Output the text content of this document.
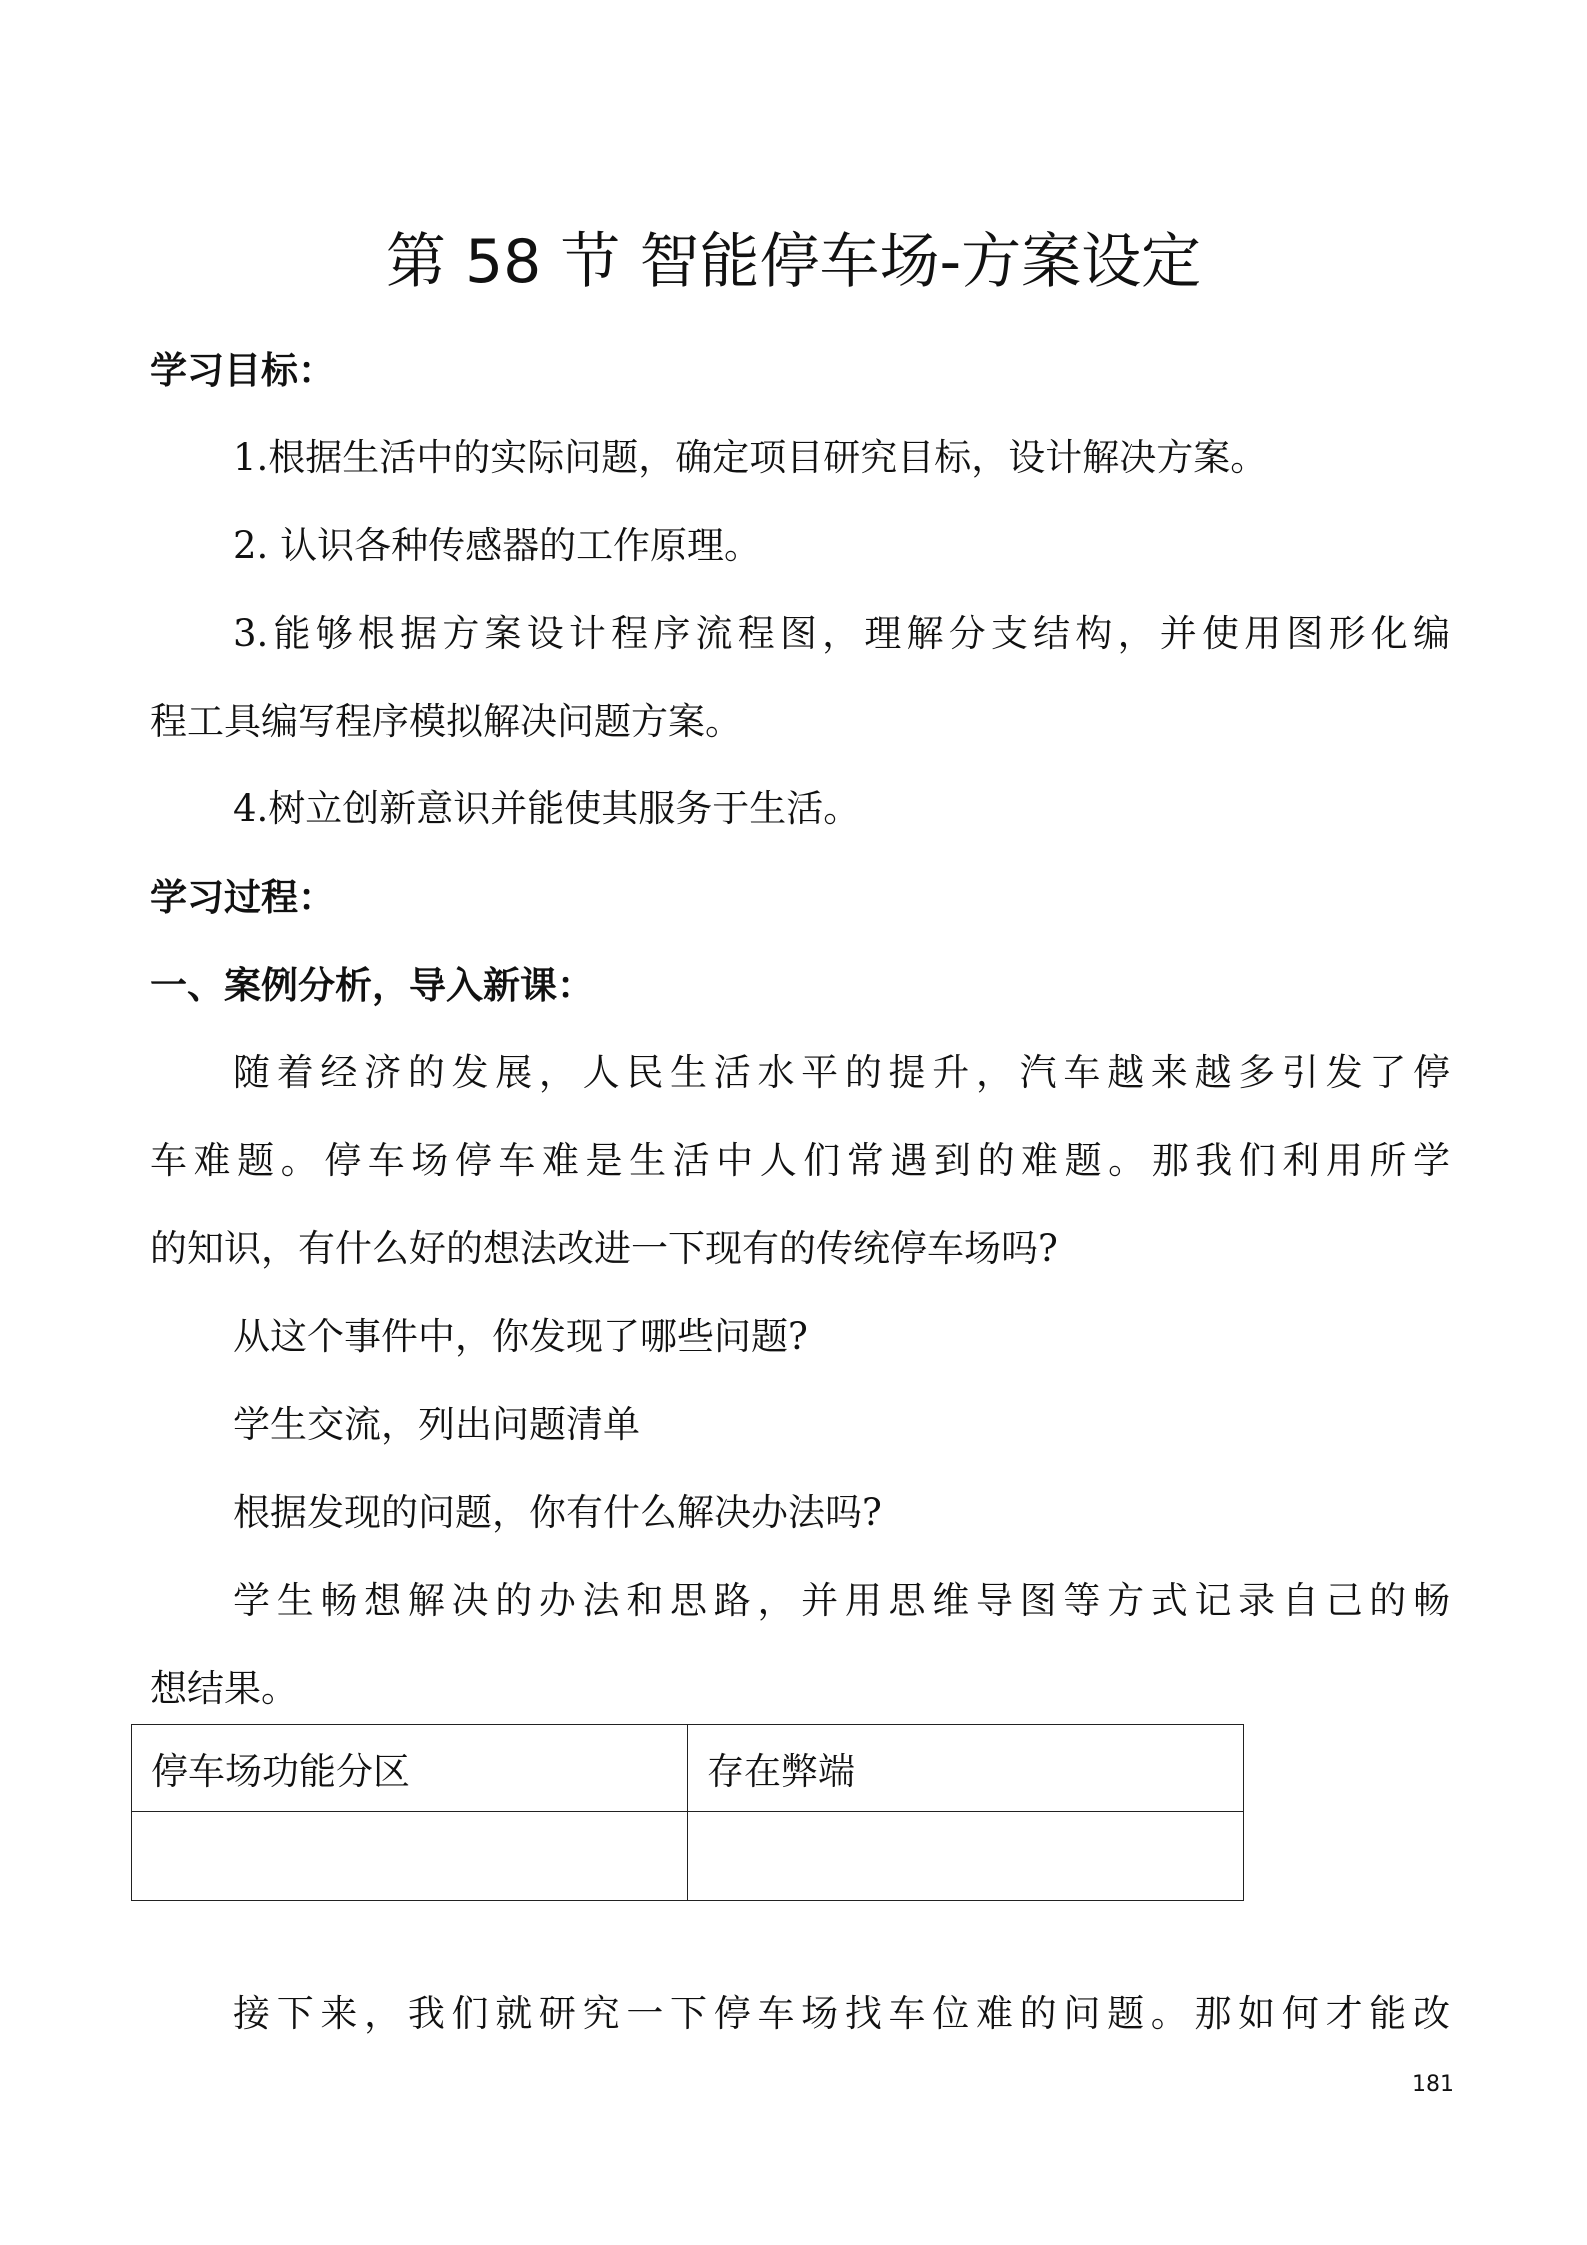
第 58 节 智能停车场-方案设定
学习目标：
1.根据生活中的实际问题，确定项目研究目标，设计解决方案。
2. 认识各种传感器的工作原理。
3.能够根据方案设计程序流程图，理解分支结构，并使用图形化编
程工具编写程序模拟解决问题方案。
4.树立创新意识并能使其服务于生活。
学习过程：
一、案例分析，导入新课：
随着经济的发展，人民生活水平的提升，汽车越来越多引发了停
车难题。停车场停车难是生活中人们常遇到的难题。那我们利用所学
的知识，有什么好的想法改进一下现有的传统停车场吗?
从这个事件中，你发现了哪些问题?
学生交流，列出问题清单
根据发现的问题，你有什么解决办法吗?
学生畅想解决的办法和思路，并用思维导图等方式记录自己的畅
想结果。
停车场功能分区	存在弊端

接下来，我们就研究一下停车场找车位难的问题。那如何才能改
181
